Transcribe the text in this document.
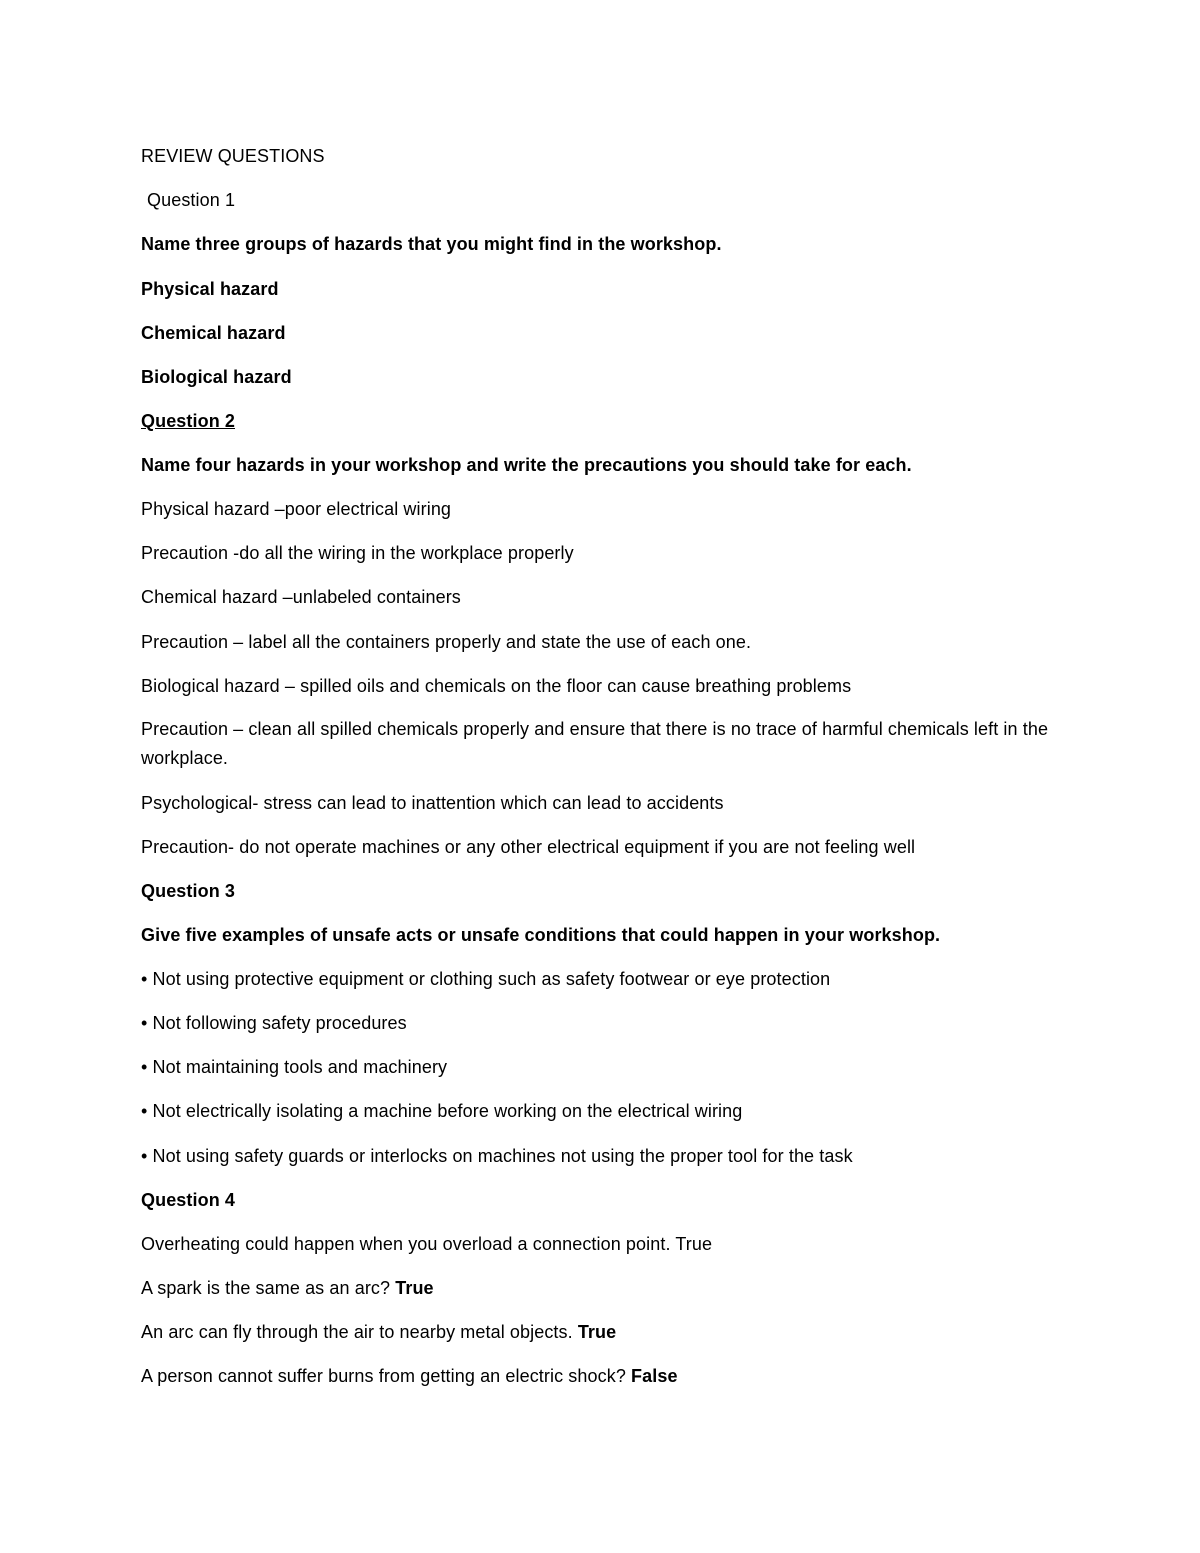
REVIEW QUESTIONS

Question 1

Name three groups of hazards that you might find in the workshop.

Physical hazard

Chemical hazard

Biological hazard

Question 2

Name four hazards in your workshop and write the precautions you should take for each.

Physical hazard –poor electrical wiring

Precaution -do all the wiring in the workplace properly

Chemical hazard –unlabeled containers

Precaution – label all the containers properly and state the use of each one.

Biological hazard – spilled oils and chemicals on the floor can cause breathing problems

Precaution – clean all spilled chemicals properly and ensure that there is no trace of harmful chemicals left in the workplace.

Psychological- stress can lead to inattention which can lead to accidents

Precaution- do not operate machines or any other electrical equipment if you are not feeling well

Question 3

Give five examples of unsafe acts or unsafe conditions that could happen in your workshop.

• Not using protective equipment or clothing such as safety footwear or eye protection

• Not following safety procedures

• Not maintaining tools and machinery

• Not electrically isolating a machine before working on the electrical wiring

• Not using safety guards or interlocks on machines not using the proper tool for the task

Question 4

Overheating could happen when you overload a connection point. True

A spark is the same as an arc? True

An arc can fly through the air to nearby metal objects. True

A person cannot suffer burns from getting an electric shock? False
